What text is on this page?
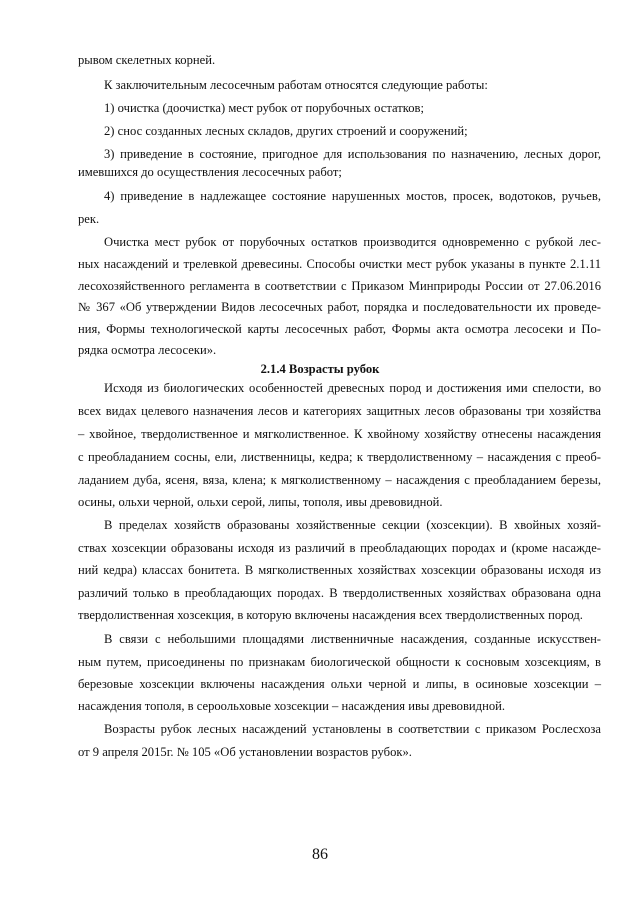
рывом скелетных корней.

К заключительным лесосечным работам относятся следующие работы:

1) очистка (доочистка) мест рубок от порубочных остатков;

2) снос созданных лесных складов, других строений и сооружений;

3) приведение в состояние, пригодное для использования по назначению, лесных дорог,

имевшихся до осуществления лесосечных работ;

4) приведение в надлежащее состояние нарушенных мостов, просек, водотоков, ручьев,

рек.

Очистка мест рубок от порубочных остатков производится одновременно с рубкой лес-

ных насаждений и трелевкой древесины. Способы очистки мест рубок указаны в пункте 2.1.11

лесохозяйственного регламента в соответствии с Приказом Минприроды России от 27.06.2016

№ 367 «Об утверждении Видов лесосечных работ, порядка и последовательности их проведе-

ния, Формы технологической карты лесосечных работ, Формы акта осмотра лесосеки и По-

рядка осмотра лесосеки».

2.1.4 Возрасты рубок

Исходя из биологических особенностей древесных пород и достижения ими спелости, во

всех видах целевого назначения лесов и категориях защитных лесов образованы три хозяйства

– хвойное, твердолиственное и мягколиственное. К хвойному хозяйству отнесены насаждения

с преобладанием сосны, ели, лиственницы, кедра; к твердолиственному – насаждения с преоб-

ладанием дуба, ясеня, вяза, клена; к мягколиственному – насаждения с преобладанием березы,

осины, ольхи черной, ольхи серой, липы, тополя, ивы древовидной.

В пределах хозяйств образованы хозяйственные секции (хозсекции). В хвойных хозяй-

ствах хозсекции образованы исходя из различий в преобладающих породах и (кроме насажде-

ний кедра) классах бонитета. В мягколиственных хозяйствах хозсекции образованы исходя из

различий только в преобладающих породах. В твердолиственных хозяйствах образована одна

твердолиственная хозсекция, в которую включены насаждения всех твердолиственных пород.

В связи с небольшими площадями лиственничные насаждения, созданные искусствен-

ным путем, присоединены по признакам биологической общности к сосновым хозсекциям, в

березовые хозсекции включены насаждения ольхи черной и липы, в осиновые хозсекции –

насаждения тополя, в сероольховые хозсекции – насаждения ивы древовидной.

Возрасты рубок лесных насаждений установлены в соответствии с приказом Рослесхоза

от 9 апреля 2015г. № 105 «Об установлении возрастов рубок».

86
